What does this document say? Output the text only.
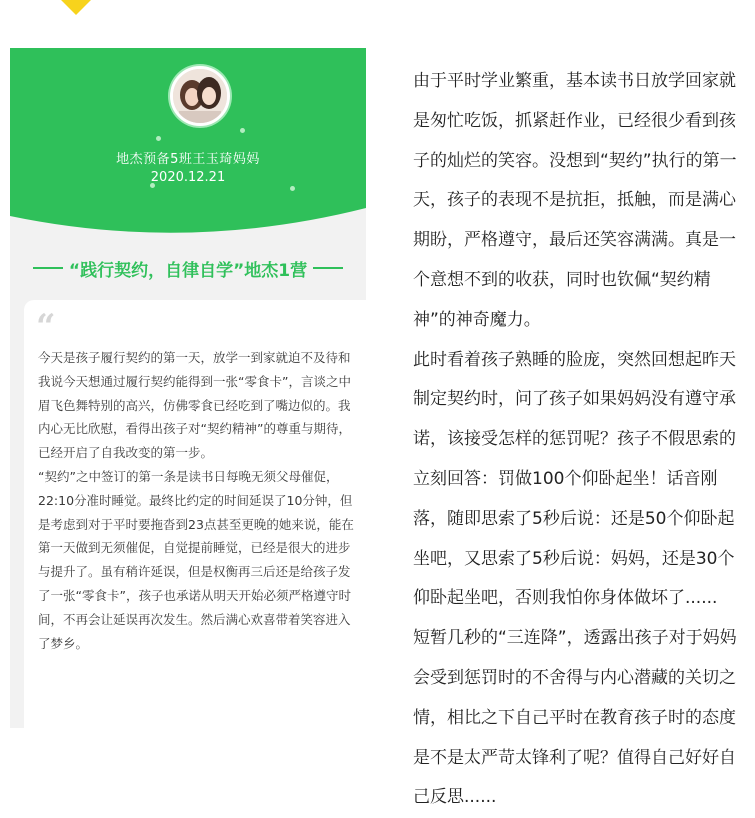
地杰预备5班王玉琦妈妈
2020.12.21
“践行契约，自律自学”地杰1营
“

今天是孩子履行契约的第一天，放学一到家就迫不及待和我说今天想通过履行契约能得到一张“零食卡”，言谈之中眉飞色舞特别的高兴，仿佛零食已经吃到了嘴边似的。我内心无比欣慰，看得出孩子对“契约精神”的尊重与期待，已经开启了自我改变的第一步。

“契约”之中签订的第一条是读书日每晚无须父母催促，22:10分准时睡觉。最终比约定的时间延误了10分钟，但是考虑到对于平时要拖沓到23点甚至更晚的她来说，能在第一天做到无须催促，自觉提前睡觉，已经是很大的进步与提升了。虽有稍许延误，但是权衡再三后还是给孩子发了一张“零食卡”，孩子也承诺从明天开始必须严格遵守时间，不再会让延误再次发生。然后满心欢喜带着笑容进入了梦乡。

由于平时学业繁重，基本读书日放学回家就是匆忙吃饭，抓紧赶作业，已经很少看到孩子的灿烂的笑容。没想到“契约”执行的第一天，孩子的表现不是抗拒，抵触，而是满心期盼，严格遵守，最后还笑容满满。真是一个意想不到的收获，同时也钦佩“契约精神”的神奇魔力。

此时看着孩子熟睡的脸庞，突然回想起昨天制定契约时，问了孩子如果妈妈没有遵守承诺，该接受怎样的惩罚呢？孩子不假思索的立刻回答：罚做100个仰卧起坐！话音刚落，随即思索了5秒后说：还是50个仰卧起坐吧，又思索了5秒后说：妈妈，还是30个仰卧起坐吧，否则我怕你身体做坏了......

短暂几秒的“三连降”，透露出孩子对于妈妈会受到惩罚时的不舍得与内心潜藏的关切之情，相比之下自己平时在教育孩子时的态度是不是太严苛太锋利了呢？值得自己好好自己反思......
